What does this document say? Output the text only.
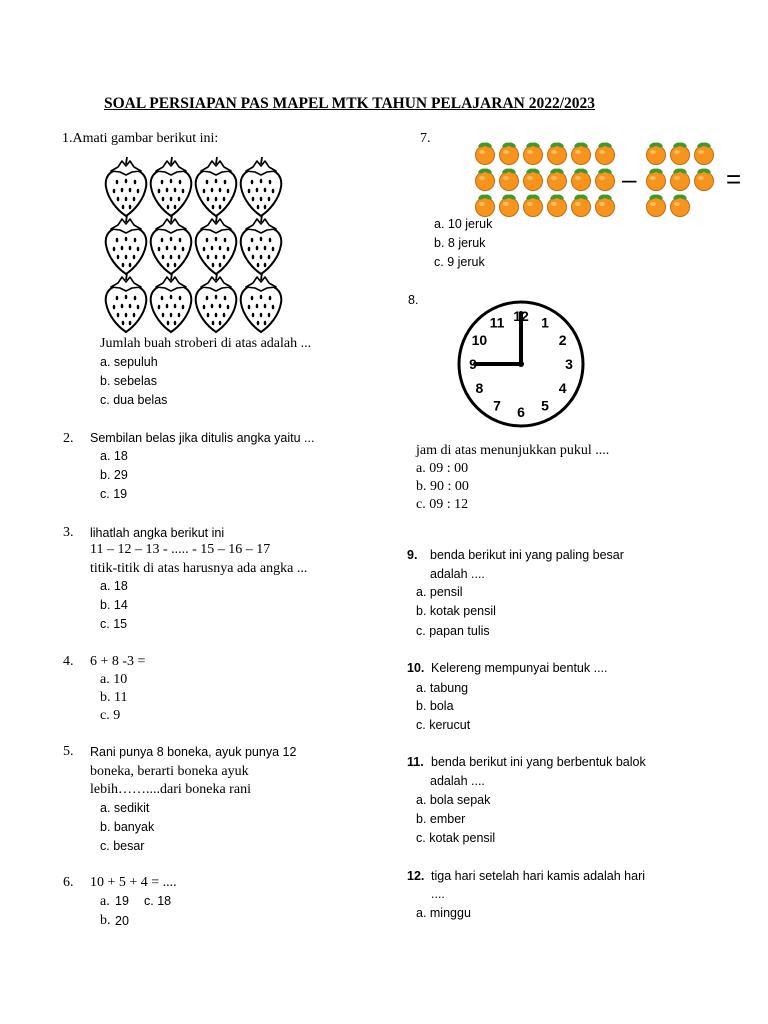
SOAL PERSIAPAN PAS MAPEL MTK TAHUN PELAJARAN 2022/2023
1.Amati gambar berikut ini:
Jumlah buah stroberi di atas adalah ...
a. sepuluh
b. sebelas
c. dua belas
2. Sembilan belas jika ditulis angka yaitu ...
a. 18
b. 29
c. 19
3. lihatlah angka berikut ini
11 – 12 – 13 - ..... - 15 – 16 – 17
titik-titik di atas harusnya ada angka ...
a. 18
b. 14
c. 15
4. 6 + 8 -3 =
a. 10
b. 11
c. 9
5. Rani punya 8 boneka, ayuk punya 12
boneka, berarti boneka ayuk
lebih……....dari boneka rani
a. sedikit
b. banyak
c. besar
6. 10 + 5 + 4 = ....
a. 19 c. 18
b. 20
7.
–	=
a. 10 jeruk
b. 8 jeruk
c. 9 jeruk
8.
12 1
2
3
4
5
6
7
8
9
10
11
jam di atas menunjukkan pukul ....
a. 09 : 00
b. 90 : 00
c. 09 : 12
9. benda berikut ini yang paling besar
adalah ....
a. pensil
b. kotak pensil
c. papan tulis
10. Kelereng mempunyai bentuk ....
a. tabung
b. bola
c. kerucut
11. benda berikut ini yang berbentuk balok
adalah ....
a. bola sepak
b. ember
c. kotak pensil
12. tiga hari setelah hari kamis adalah hari
....
a. minggu
